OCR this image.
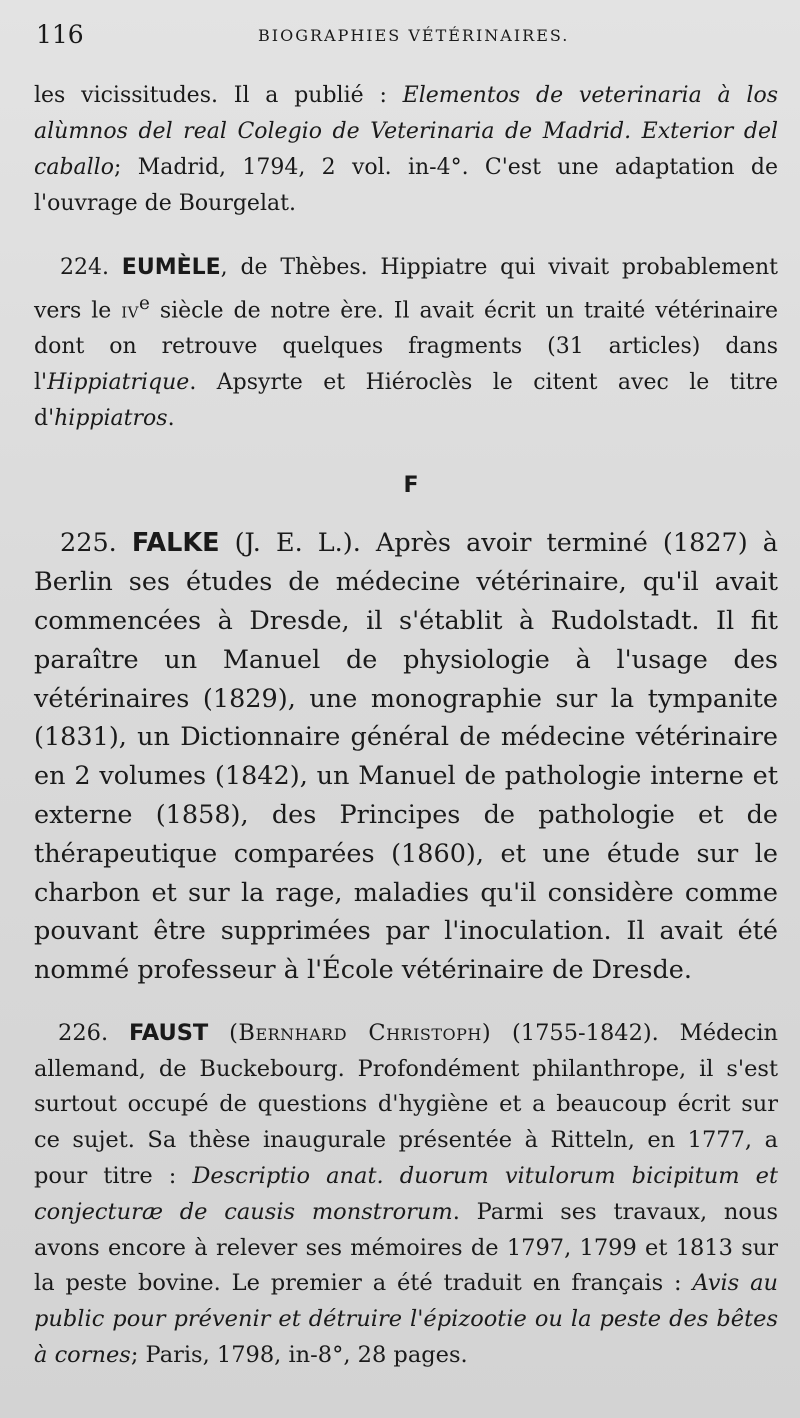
116	BIOGRAPHIES VÉTÉRINAIRES.

les vicissitudes. Il a publié : Elementos de veterinaria à los alùmnos del real Colegio de Veterinaria de Madrid. Exterior del caballo; Madrid, 1794, 2 vol. in-4°. C'est une adaptation de l'ouvrage de Bourgelat.

224. EUMÈLE, de Thèbes. Hippiatre qui vivait probablement vers le $iv^e$ siècle de notre ère. Il avait écrit un traité vétérinaire dont on retrouve quelques fragments (31 articles) dans l'Hippiatrique. Apsyrte et Hiéroclès le citent avec le titre d'hippiatros.

F

225. FALKE (J. E. L.). Après avoir terminé (1827) à Berlin ses études de médecine vétérinaire, qu'il avait commencées à Dresde, il s'établit à Rudolstadt. Il fit paraître un Manuel de physiologie à l'usage des vétérinaires (1829), une monographie sur la tympanite (1831), un Dictionnaire général de médecine vétérinaire en 2 volumes (1842), un Manuel de pathologie interne et externe (1858), des Principes de pathologie et de thérapeutique comparées (1860), et une étude sur le charbon et sur la rage, maladies qu'il considère comme pouvant être supprimées par l'inoculation. Il avait été nommé professeur à l'École vétérinaire de Dresde.

226. FAUST (Bernhard Christoph) (1755-1842). Médecin allemand, de Buckebourg. Profondément philanthrope, il s'est surtout occupé de questions d'hygiène et a beaucoup écrit sur ce sujet. Sa thèse inaugurale présentée à Ritteln, en 1777, a pour titre : Descriptio anat. duorum vitulorum bicipitum et conjecturæ de causis monstrorum. Parmi ses travaux, nous avons encore à relever ses mémoires de 1797, 1799 et 1813 sur la peste bovine. Le premier a été traduit en français : Avis au public pour prévenir et détruire l'épizootie ou la peste des bêtes à cornes; Paris, 1798, in-8°, 28 pages.
